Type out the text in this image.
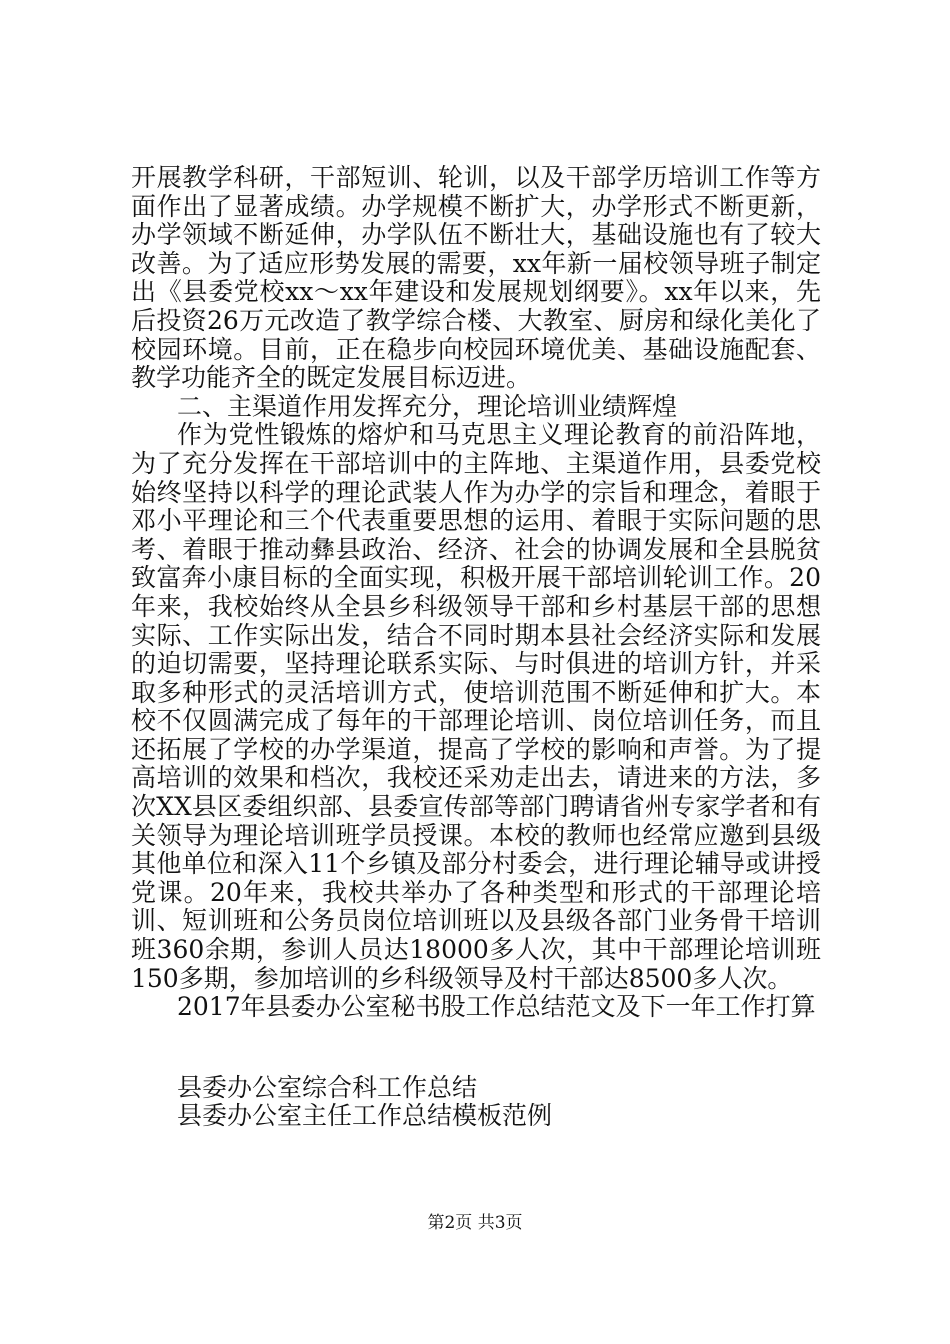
开展教学科研，干部短训、轮训，以及干部学历培训工作等方面作出了显著成绩。办学规模不断扩大，办学形式不断更新，办学领域不断延伸，办学队伍不断壮大，基础设施也有了较大改善。为了适应形势发展的需要，xx年新一届校领导班子制定出《县委党校xx～xx年建设和发展规划纲要》。xx年以来，先后投资26万元改造了教学综合楼、大教室、厨房和绿化美化了校园环境。目前，正在稳步向校园环境优美、基础设施配套、教学功能齐全的既定发展目标迈进。

二、主渠道作用发挥充分，理论培训业绩辉煌

作为党性锻炼的熔炉和马克思主义理论教育的前沿阵地，为了充分发挥在干部培训中的主阵地、主渠道作用，县委党校始终坚持以科学的理论武装人作为办学的宗旨和理念，着眼于邓小平理论和三个代表重要思想的运用、着眼于实际问题的思考、着眼于推动彝县政治、经济、社会的协调发展和全县脱贫致富奔小康目标的全面实现，积极开展干部培训轮训工作。20年来，我校始终从全县乡科级领导干部和乡村基层干部的思想实际、工作实际出发，结合不同时期本县社会经济实际和发展的迫切需要，坚持理论联系实际、与时俱进的培训方针，并采取多种形式的灵活培训方式，使培训范围不断延伸和扩大。本校不仅圆满完成了每年的干部理论培训、岗位培训任务，而且还拓展了学校的办学渠道，提高了学校的影响和声誉。为了提高培训的效果和档次，我校还采劝走出去，请进来的方法，多次XX县区委组织部、县委宣传部等部门聘请省州专家学者和有关领导为理论培训班学员授课。本校的教师也经常应邀到县级其他单位和深入11个乡镇及部分村委会，进行理论辅导或讲授党课。20年来，我校共举办了各种类型和形式的干部理论培训、短训班和公务员岗位培训班以及县级各部门业务骨干培训班360余期，参训人员达18000多人次，其中干部理论培训班150多期，参加培训的乡科级领导及村干部达8500多人次。

2017年县委办公室秘书股工作总结范文及下一年工作打算

县委办公室综合科工作总结

县委办公室主任工作总结模板范例

第2页 共3页
